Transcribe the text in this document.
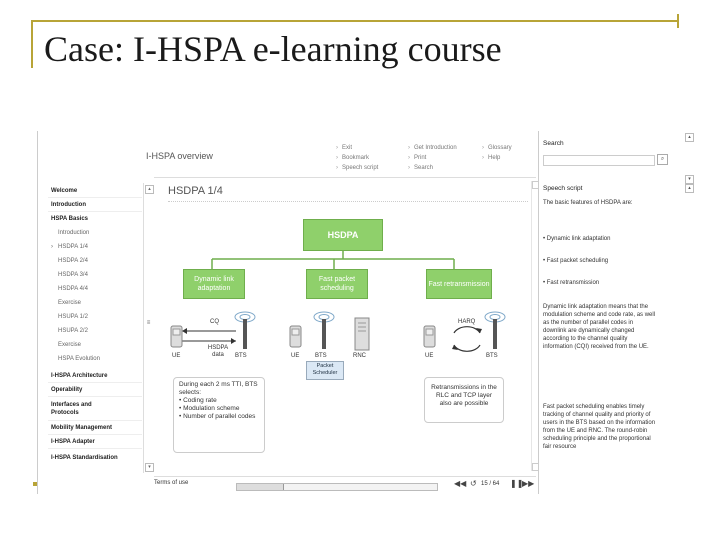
Case: I-HSPA e-learning course
I-HSPA overview
› Exit
› Bookmark
› Speech script
› Get Introduction
› Print
› Search
› Glossary
› Help
Welcome
Introduction
HSPA Basics
Introduction
› HSDPA 1/4
HSDPA 2/4
HSDPA 3/4
HSDPA 4/4
Exercise
HSUPA 1/2
HSUPA 2/2
Exercise
HSPA Evolution
I-HSPA Architecture
Operability
Interfaces and Protocols
Mobility Management
I-HSPA Adapter
I-HSPA Standardisation
▴
≡
▾
HSDPA 1/4
HSDPA
Dynamic link adaptation
Fast packet scheduling
Fast retransmission
UE
CQ
HSDPA data	BTS	UE	BTS
Packet Scheduler
RNC	UE
HARQ
BTS
During each 2 ms TTI, BTS selects:
• Coding rate
• Modulation scheme
• Number of parallel codes
Retransmissions in the RLC and TCP layer also are possible
Terms of use	◀◀ ↺ 15 / 64 ❚❚
▶▶
Search
▴
⌕
▾
Speech script	▴
The basic features of HSDPA are:
• Dynamic link adaptation
• Fast packet scheduling
• Fast retransmission
Dynamic link adaptation means that the modulation scheme and code rate, as well as the number of parallel codes in downlink are dynamically changed according to the channel quality information (CQI) received from the UE.
Fast packet scheduling enables timely tracking of channel quality and priority of users in the BTS based on the information from the UE and RNC. The round-robin scheduling principle and the proportional fair resource
